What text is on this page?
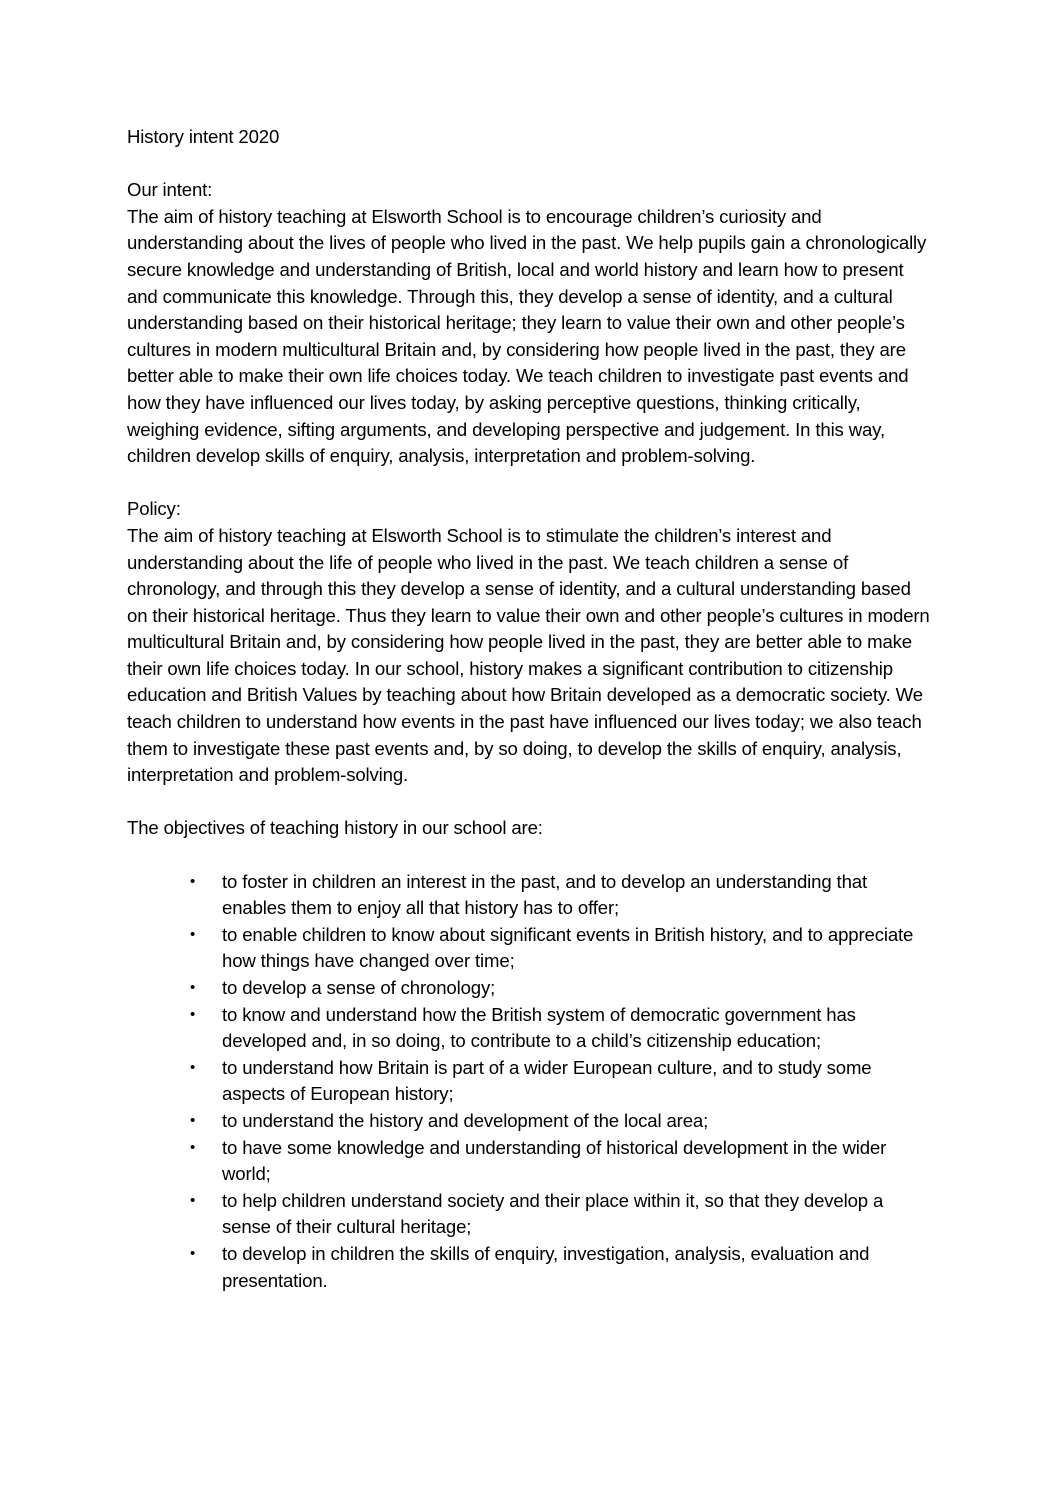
History intent 2020

Our intent:

The aim of history teaching at Elsworth School is to encourage children’s curiosity and understanding about the lives of people who lived in the past. We help pupils gain a chronologically secure knowledge and understanding of British, local and world history and learn how to present and communicate this knowledge. Through this, they develop a sense of identity, and a cultural understanding based on their historical heritage; they learn to value their own and other people’s cultures in modern multicultural Britain and, by considering how people lived in the past, they are better able to make their own life choices today. We teach children to investigate past events and how they have influenced our lives today, by asking perceptive questions, thinking critically, weighing evidence, sifting arguments, and developing perspective and judgement. In this way, children develop skills of enquiry, analysis, interpretation and problem-solving.

Policy:

The aim of history teaching at Elsworth School is to stimulate the children’s interest and understanding about the life of people who lived in the past. We teach children a sense of chronology, and through this they develop a sense of identity, and a cultural understanding based on their historical heritage. Thus they learn to value their own and other people’s cultures in modern multicultural Britain and, by considering how people lived in the past, they are better able to make their own life choices today. In our school, history makes a significant contribution to citizenship education and British Values by teaching about how Britain developed as a democratic society. We teach children to understand how events in the past have influenced our lives today; we also teach them to investigate these past events and, by so doing, to develop the skills of enquiry, analysis, interpretation and problem-solving.

The objectives of teaching history in our school are:

•	to foster in children an interest in the past, and to develop an understanding that enables them to enjoy all that history has to offer;
•	to enable children to know about significant events in British history, and to appreciate how things have changed over time;
•	to develop a sense of chronology;
•	to know and understand how the British system of democratic government has developed and, in so doing, to contribute to a child’s citizenship education;
•	to understand how Britain is part of a wider European culture, and to study some aspects of European history;
•	to understand the history and development of the local area;
•	to have some knowledge and understanding of historical development in the wider world;
•	to help children understand society and their place within it, so that they develop a sense of their cultural heritage;
•	to develop in children the skills of enquiry, investigation, analysis, evaluation and presentation.
